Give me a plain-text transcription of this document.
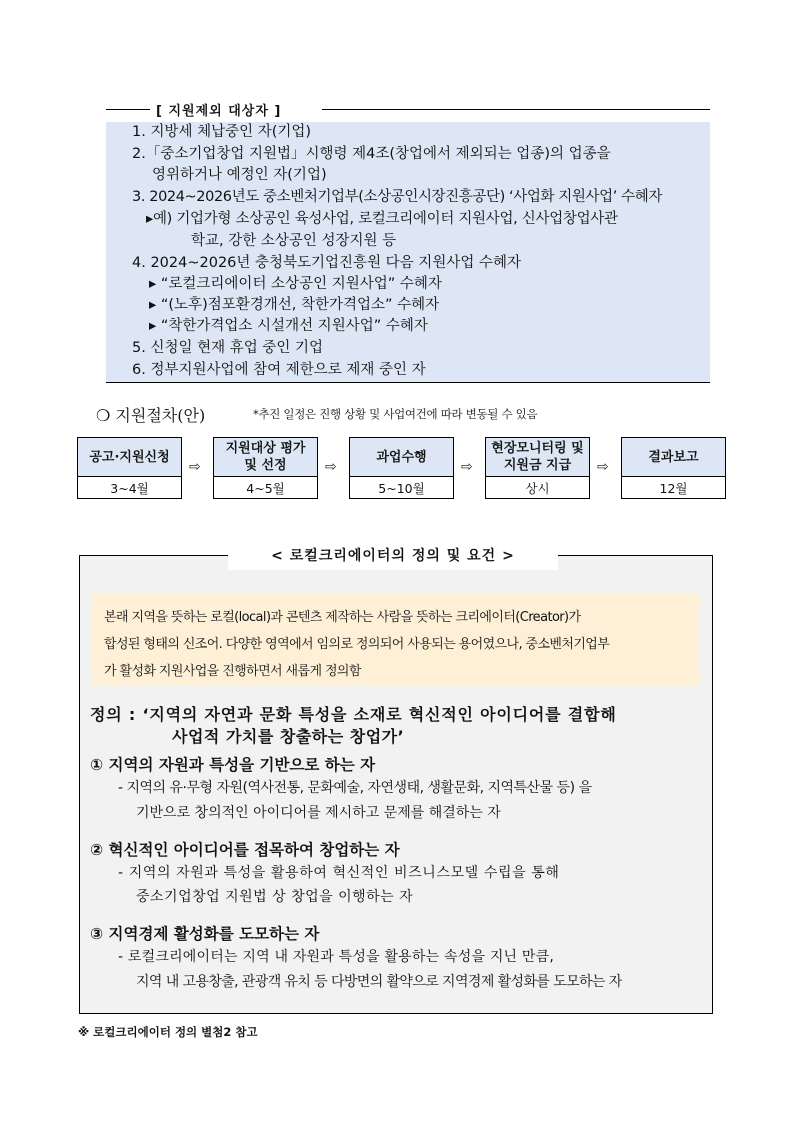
[ 지원제외 대상자 ]
1. 지방세 체납중인 자(기업)
2.「중소기업창업 지원법」시행령 제4조(창업에서 제외되는 업종)의 업종을
영위하거나 예정인 자(기업)
3. 2024~2026년도 중소벤처기업부(소상공인시장진흥공단) ‘사업화 지원사업’ 수혜자
▸예) 기업가형 소상공인 육성사업, 로컬크리에이터 지원사업, 신사업창업사관
학교, 강한 소상공인 성장지원 등
4. 2024~2026년 충청북도기업진흥원 다음 지원사업 수혜자
▸ “로컬크리에이터 소상공인 지원사업” 수혜자
▸ “(노후)점포환경개선, 착한가격업소” 수혜자
▸ “착한가격업소 시설개선 지원사업” 수혜자
5. 신청일 현재 휴업 중인 기업
6. 정부지원사업에 참여 제한으로 제재 중인 자
❍ 지원절차(안)	*추진 일정은 진행 상황 및 사업여건에 따라 변동될 수 있음
공고·지원신청
3~4월
⇨
지원대상 평가 및 선정
4~5월
⇨
과업수행
5~10월
⇨
현장모니터링 및 지원금 지급
상시
⇨
결과보고
12월
< 로컬크리에이터의 정의 및 요건 >
본래 지역을 뜻하는 로컬(local)과 콘텐츠 제작하는 사람을 뜻하는 크리에이터(Creator)가
합성된 형태의 신조어. 다양한 영역에서 임의로 정의되어 사용되는 용어였으나, 중소벤처기업부
가 활성화 지원사업을 진행하면서 새롭게 정의함
정의 : ‘지역의 자연과 문화 특성을 소재로 혁신적인 아이디어를 결합해
사업적 가치를 창출하는 창업가’
① 지역의 자원과 특성을 기반으로 하는 자
- 지역의 유·무형 자원(역사전통, 문화예술, 자연생태, 생활문화, 지역특산물 등) 을
기반으로 창의적인 아이디어를 제시하고 문제를 해결하는 자
② 혁신적인 아이디어를 접목하여 창업하는 자
- 지역의 자원과 특성을 활용하여 혁신적인 비즈니스모델 수립을 통해
중소기업창업 지원법 상 창업을 이행하는 자
③ 지역경제 활성화를 도모하는 자
- 로컬크리에이터는 지역 내 자원과 특성을 활용하는 속성을 지닌 만큼,
지역 내 고용창출, 관광객 유치 등 다방면의 활약으로 지역경제 활성화를 도모하는 자
※ 로컬크리에이터 정의 별첨2 참고
